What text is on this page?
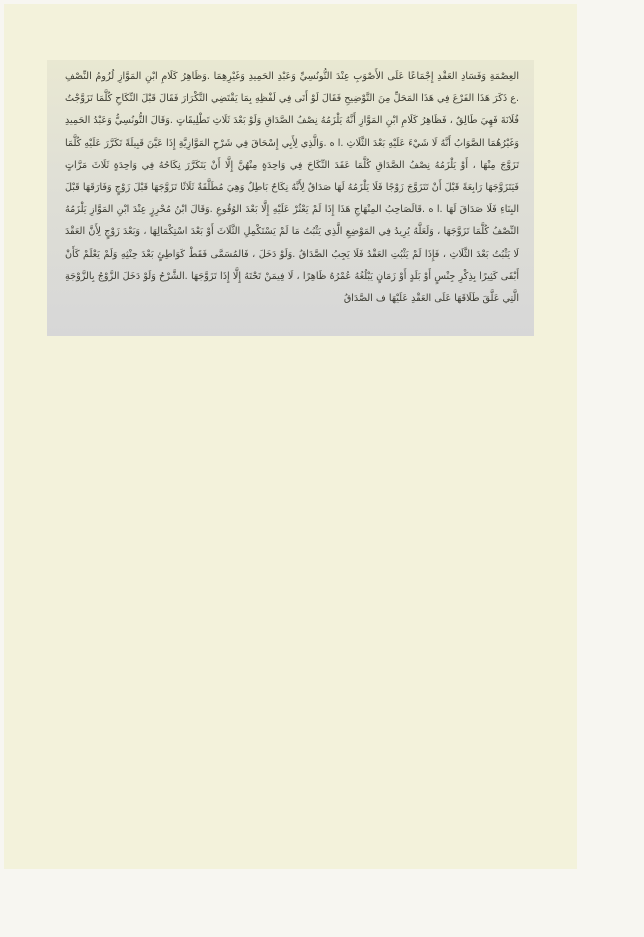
العِصْمَةِ وَفَسَادِ العَقْدِ إِجْمَاعًا عَلَى الأَصْوَبِ عِنْدَ التُّونُسِيِّ وَعَبْدِ الحَمِيدِ وَغَيْرِهِمَا .وَظَاهِرُ كَلَامِ ابْنِ المَوَّازِ لُزُومُ النِّصْفِ .ع ذَكَرَ هَذَا الفَرْعَ فِي هَذَا المَحَلِّ مِنَ التَّوْضِيحِ فَقَالَ لَوْ أَتَى فِي لَفْظِهِ بِمَا يَقْتَضِي التَّكْرَارَ فَقَالَ قَبْلَ النِّكَاحِ كُلَّمَا تَزَوَّجْتُ فُلَانَةَ فَهِيَ طَالِقٌ ، فَظَاهِرُ كَلَامِ ابْنِ المَوَّازِ أَنَّهُ يَلْزَمُهُ نِصْفُ الصَّدَاقِ وَلَوْ بَعْدَ ثَلَاثِ تَطْلِيقَاتٍ .وَقَالَ التُّونُسِيُّ وَعَبْدُ الحَمِيدِ وَغَيْرُهُمَا الصَّوَابُ أَنَّهُ لَا شَيْءَ عَلَيْهِ بَعْدَ الثَّلَاثِ .ا ه .وَالَّذِي لِأَبِي إِسْحَاقَ فِي شَرْحِ المَوَّازِيَّةِ إِذَا عَيَّنَ قَبِيلَةً تَكَرَّرَ عَلَيْهِ كُلَّمَا تَزَوَّجَ مِنْهَا ، أَوْ يَلْزَمُهُ نِصْفُ الصَّدَاقِ كُلَّمَا عَقَدَ النِّكَاحَ فِي وَاحِدَةٍ مِنْهُنَّ إِلَّا أَنْ يَتَكَرَّرَ نِكَاحُهُ فِي وَاحِدَةٍ ثَلَاثَ مَرَّاتٍ فَيَتَزَوَّجَهَا رَابِعَةً قَبْلَ أَنْ تَتَزَوَّجَ زَوْجًا فَلَا يَلْزَمُهُ لَهَا صَدَاقٌ لِأَنَّهُ نِكَاحٌ بَاطِلٌ وَهِيَ مُطَلَّقَةٌ ثَلَاثًا تَزَوَّجَهَا قَبْلَ زَوْجٍ وَفَارَقَهَا قَبْلَ البِنَاءِ فَلَا صَدَاقَ لَهَا .ا ه .قَالَصَاحِبُ المِنْهَاجِ هَذَا إِذَا لَمْ يَعْثُرْ عَلَيْهِ إِلَّا بَعْدَ الوُقُوعِ .وَقَالَ ابْنُ مُحْرِزٍ عِنْدَ ابْنِ المَوَّازِ يَلْزَمُهُ النِّصْفُ كُلَّمَا تَزَوَّجَهَا ، وَلَعَلَّهُ يُرِيدُ فِي المَوْضِعِ الَّذِي يَثْبُتُ مَا لَمْ يَسْتَكْمِلِ الثَّلَاثَ أَوْ بَعْدَ اسْتِكْمَالِهَا ، وَبَعْدَ زَوْجٍ لِأَنَّ العَقْدَ لَا يَثْبُتُ بَعْدَ الثَّلَاثِ ، فَإِذَا لَمْ يَثْبُتِ العَقْدُ فَلَا يَجِبُ الصَّدَاقُ .وَلَوْ دَخَلَ ، فَالمُسَمَّى فَقَطْ كَوَاطِئٍ بَعْدَ حِنْثِهِ وَلَمْ يَعْلَمْ كَأَنْ أَبْقَى كَثِيرًا بِذِكْرِ جِنْسٍ أَوْ بَلَدٍ أَوْ زَمَانٍ يَبْلُغُهُ عُمْرُهُ ظَاهِرًا ، لَا فِيمَنْ تَحْتَهُ إِلَّا إِذَا تَزَوَّجَهَا .الشَّرْحُ وَلَوْ دَخَلَ الزَّوْجُ بِالزَّوْجَةِ الَّتِي عَلَّقَ طَلَاقَهَا عَلَى العَقْدِ عَلَيْهَا ف الصَّدَاقُ
